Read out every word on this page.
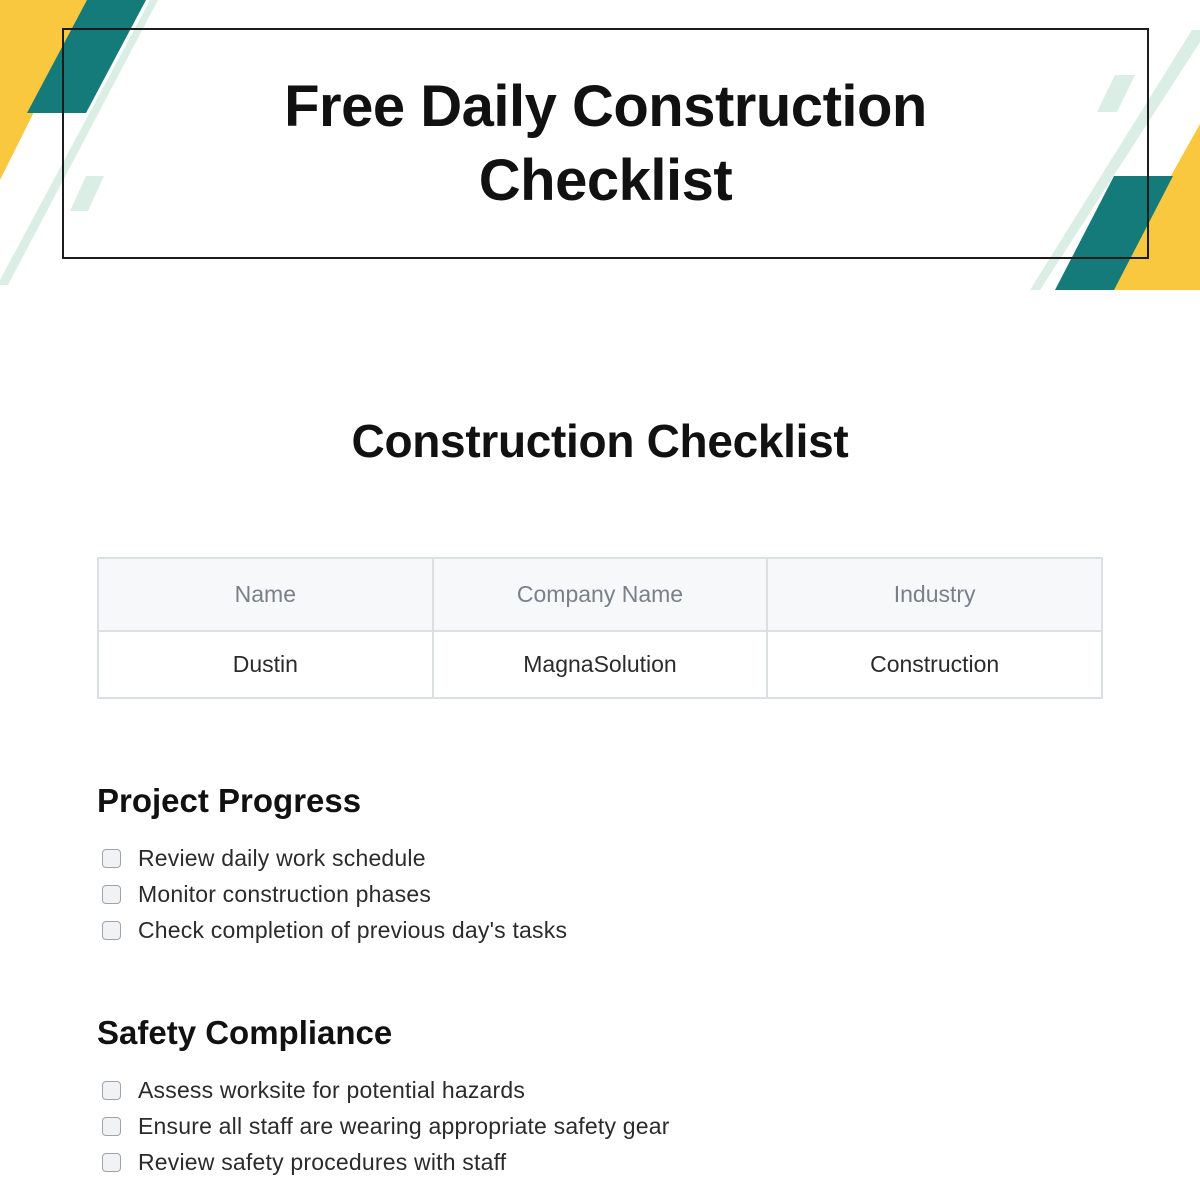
Free Daily Construction Checklist
Construction Checklist
Name	Company Name	Industry
Dustin	MagnaSolution	Construction
Project Progress
Review daily work schedule
Monitor construction phases
Check completion of previous day's tasks
Safety Compliance
Assess worksite for potential hazards
Ensure all staff are wearing appropriate safety gear
Review safety procedures with staff
